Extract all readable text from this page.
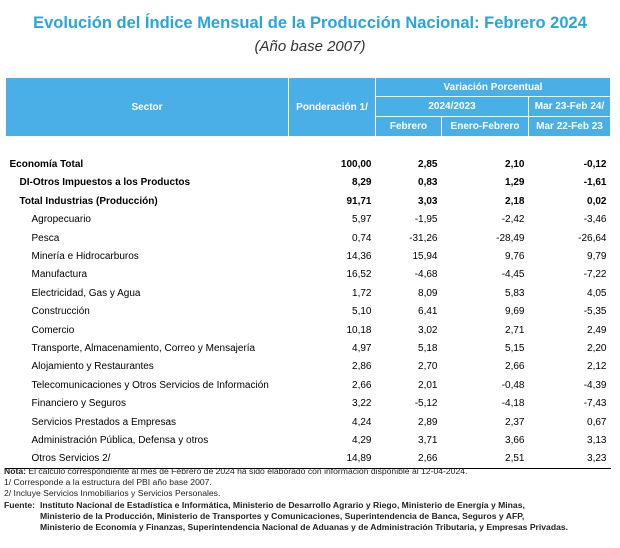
Evolución del Índice Mensual de la Producción Nacional: Febrero 2024
(Año base 2007)
Sector	Ponderación 1/	Variación Porcentual		
		2024/2023		Mar 23-Feb 24/
		Febrero	Enero-Febrero	Mar 22-Feb 23

Economía Total	100,00	2,85	2,10	-0,12
DI-Otros Impuestos a los Productos	8,29	0,83	1,29	-1,61
Total Industrias (Producción)	91,71	3,03	2,18	0,02
Agropecuario	5,97	-1,95	-2,42	-3,46
Pesca	0,74	-31,26	-28,49	-26,64
Minería e Hidrocarburos	14,36	15,94	9,76	9,79
Manufactura	16,52	-4,68	-4,45	-7,22
Electricidad, Gas y Agua	1,72	8,09	5,83	4,05
Construcción	5,10	6,41	9,69	-5,35
Comercio	10,18	3,02	2,71	2,49
Transporte, Almacenamiento, Correo y Mensajería	4,97	5,18	5,15	2,20
Alojamiento y Restaurantes	2,86	2,70	2,66	2,12
Telecomunicaciones y Otros Servicios de Información	2,66	2,01	-0,48	-4,39
Financiero y Seguros	3,22	-5,12	-4,18	-7,43
Servicios Prestados a Empresas	4,24	2,89	2,37	0,67
Administración Pública, Defensa y otros	4,29	3,71	3,66	3,13
Otros Servicios 2/	14,89	2,66	2,51	3,23
Nota: El cálculo correspondiente al mes de Febrero de 2024 ha sido elaborado con información disponible al 12-04-2024.
1/ Corresponde a la estructura del PBI año base 2007.
2/ Incluye Servicios Inmobiliarios y Servicios Personales.
Fuente: Instituto Nacional de Estadística e Informática, Ministerio de Desarrollo Agrario y Riego, Ministerio de Energía y Minas,
Ministerio de la Producción, Ministerio de Transportes y Comunicaciones, Superintendencia de Banca, Seguros y AFP,
Ministerio de Economía y Finanzas, Superintendencia Nacional de Aduanas y de Administración Tributaria, y Empresas Privadas.
